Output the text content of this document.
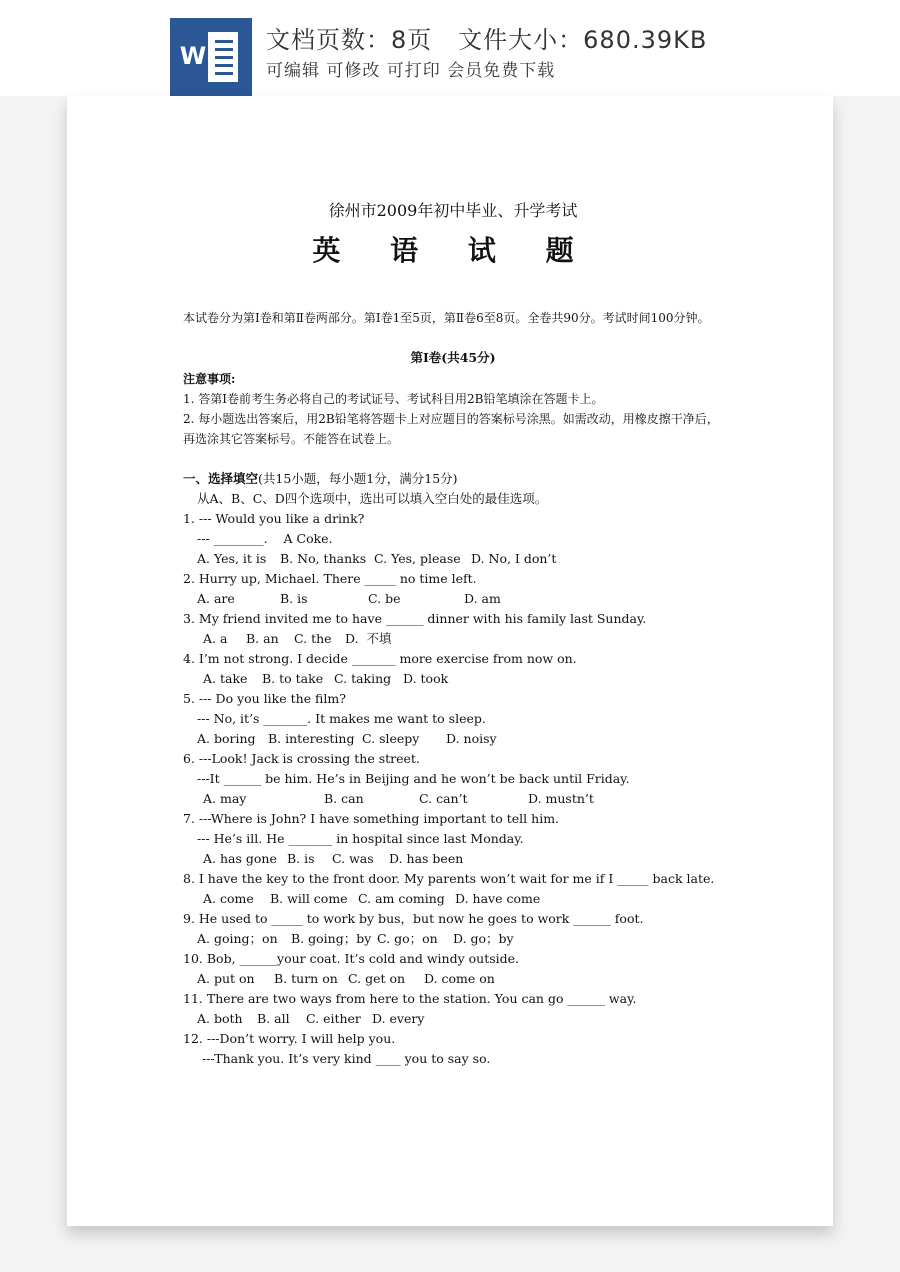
W
文档页数：8页   文件大小：680.39KB
可编辑 可修改 可打印 会员免费下载
徐州市2009年初中毕业、升学考试
英 语 试 题
本试卷分为第Ⅰ卷和第Ⅱ卷两部分。第Ⅰ卷1至5页，第Ⅱ卷6至8页。全卷共90分。考试时间100分钟。
第Ⅰ卷(共45分)
注意事项:
1. 答第Ⅰ卷前考生务必将自己的考试证号、考试科目用2B铅笔填涂在答题卡上。
2. 每小题选出答案后，用2B铅笔将答题卡上对应题目的答案标号涂黑。如需改动，用橡皮擦干净后，再选涂其它答案标号。不能答在试卷上。
一、选择填空(共15小题，每小题1分，满分15分)
从A、B、C、D四个选项中，选出可以填入空白处的最佳选项。
1. --- Would you like a drink?
--- ________.    A Coke.
A. Yes, it is B. No, thanks C. Yes, please D. No, I don’t
2. Hurry up, Michael. There _____ no time left.
A. are	B. is	C. be	D. am
3. My friend invited me to have ______ dinner with his family last Sunday.
A. a B. an C. the D.  不填
4. I’m not strong. I decide _______ more exercise from now on.
A. take B. to take C. taking D. took
5. --- Do you like the film?
--- No, it’s _______. It makes me want to sleep.
A. boring B. interesting C. sleepy D. noisy
6. ---Look! Jack is crossing the street.
---It ______ be him. He’s in Beijing and he won’t be back until Friday.
A. may	B. can	C. can’t	D. mustn’t
7. ---Where is John? I have something important to tell him.
--- He’s ill. He _______ in hospital since last Monday.
A. has gone B. is C. was D. has been
8. I have the key to the front door. My parents won’t wait for me if I _____ back late.
A. come B. will come C. am coming D. have come
9. He used to _____ to work by bus，but now he goes to work ______ foot.
A. going；on B. going；by C. go；on D. go；by
10. Bob, ______your coat. It’s cold and windy outside.
A. put on B. turn on C. get on D. come on
11. There are two ways from here to the station. You can go ______ way.
A. both B. all C. either D. every
12. ---Don’t worry. I will help you.
---Thank you. It’s very kind ____ you to say so.
